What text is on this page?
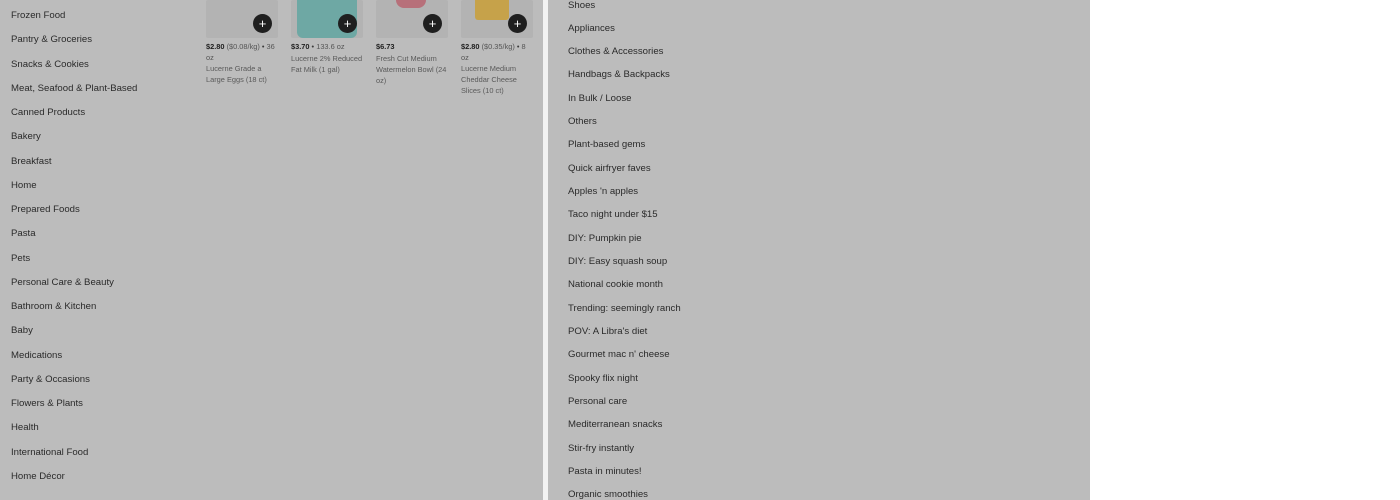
Frozen Food
Pantry & Groceries
Snacks & Cookies
Meat, Seafood & Plant-Based
Canned Products
Bakery
Breakfast
Home
Prepared Foods
Pasta
Pets
Personal Care & Beauty
Bathroom & Kitchen
Baby
Medications
Party & Occasions
Flowers & Plants
Health
International Food
Home Décor
+
$2.80 ($0.08/kg) • 36 oz
Lucerne Grade a Large Eggs (18 ct)
+
$3.70 • 133.6 oz
Lucerne 2% Reduced Fat Milk (1 gal)
+
$6.73
Fresh Cut Medium Watermelon Bowl (24 oz)
+
$2.80 ($0.35/kg) • 8 oz
Lucerne Medium Cheddar Cheese Slices (10 ct)
Shoes
Appliances
Clothes & Accessories
Handbags & Backpacks
In Bulk / Loose
Others
Plant-based gems
Quick airfryer faves
Apples 'n apples
Taco night under $15
DIY: Pumpkin pie
DIY: Easy squash soup
National cookie month
Trending: seemingly ranch
POV: A Libra's diet
Gourmet mac n' cheese
Spooky flix night
Personal care
Mediterranean snacks
Stir-fry instantly
Pasta in minutes!
Organic smoothies
